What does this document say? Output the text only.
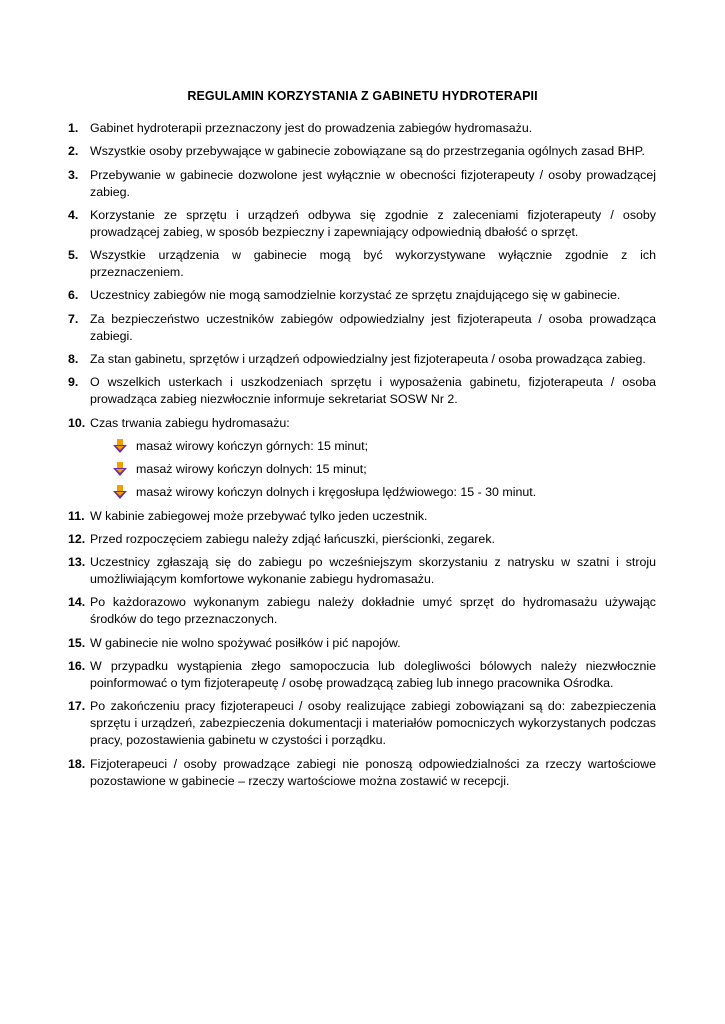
REGULAMIN KORZYSTANIA Z GABINETU HYDROTERAPII
1. Gabinet hydroterapii przeznaczony jest do prowadzenia zabiegów hydromasażu.
2. Wszystkie osoby przebywające w gabinecie zobowiązane są do przestrzegania ogólnych zasad BHP.
3. Przebywanie w gabinecie dozwolone jest wyłącznie w obecności fizjoterapeuty / osoby prowadzącej zabieg.
4. Korzystanie ze sprzętu i urządzeń odbywa się zgodnie z zaleceniami fizjoterapeuty / osoby prowadzącej zabieg, w sposób bezpieczny i zapewniający odpowiednią dbałość o sprzęt.
5. Wszystkie urządzenia w gabinecie mogą być wykorzystywane wyłącznie zgodnie z ich przeznaczeniem.
6. Uczestnicy zabiegów nie mogą samodzielnie korzystać ze sprzętu znajdującego się w gabinecie.
7. Za bezpieczeństwo uczestników zabiegów odpowiedzialny jest fizjoterapeuta / osoba prowadząca zabiegi.
8. Za stan gabinetu, sprzętów i urządzeń odpowiedzialny jest fizjoterapeuta / osoba prowadząca zabieg.
9. O wszelkich usterkach i uszkodzeniach sprzętu i wyposażenia gabinetu, fizjoterapeuta / osoba prowadząca zabieg niezwłocznie informuje sekretariat SOSW Nr 2.
10. Czas trwania zabiegu hydromasażu:
masaż wirowy kończyn górnych: 15 minut;
masaż wirowy kończyn dolnych: 15 minut;
masaż wirowy kończyn dolnych i kręgosłupa lędźwiowego: 15 - 30 minut.
11. W kabinie zabiegowej może przebywać tylko jeden uczestnik.
12. Przed rozpoczęciem zabiegu należy zdjąć łańcuszki, pierścionki, zegarek.
13. Uczestnicy zgłaszają się do zabiegu po wcześniejszym skorzystaniu z natrysku w szatni i stroju umożliwiającym komfortowe wykonanie zabiegu hydromasażu.
14. Po każdorazowo wykonanym zabiegu należy dokładnie umyć sprzęt do hydromasażu używając środków do tego przeznaczonych.
15. W gabinecie nie wolno spożywać posiłków i pić napojów.
16. W przypadku wystąpienia złego samopoczucia lub dolegliwości bólowych należy niezwłocznie poinformować o tym fizjoterapeutę / osobę prowadzącą zabieg lub innego pracownika Ośrodka.
17. Po zakończeniu pracy fizjoterapeuci / osoby realizujące zabiegi zobowiązani są do: zabezpieczenia sprzętu i urządzeń, zabezpieczenia dokumentacji i materiałów pomocniczych wykorzystanych podczas pracy, pozostawienia gabinetu w czystości i porządku.
18. Fizjoterapeuci / osoby prowadzące zabiegi nie ponoszą odpowiedzialności za rzeczy wartościowe pozostawione w gabinecie – rzeczy wartościowe można zostawić w recepcji.
